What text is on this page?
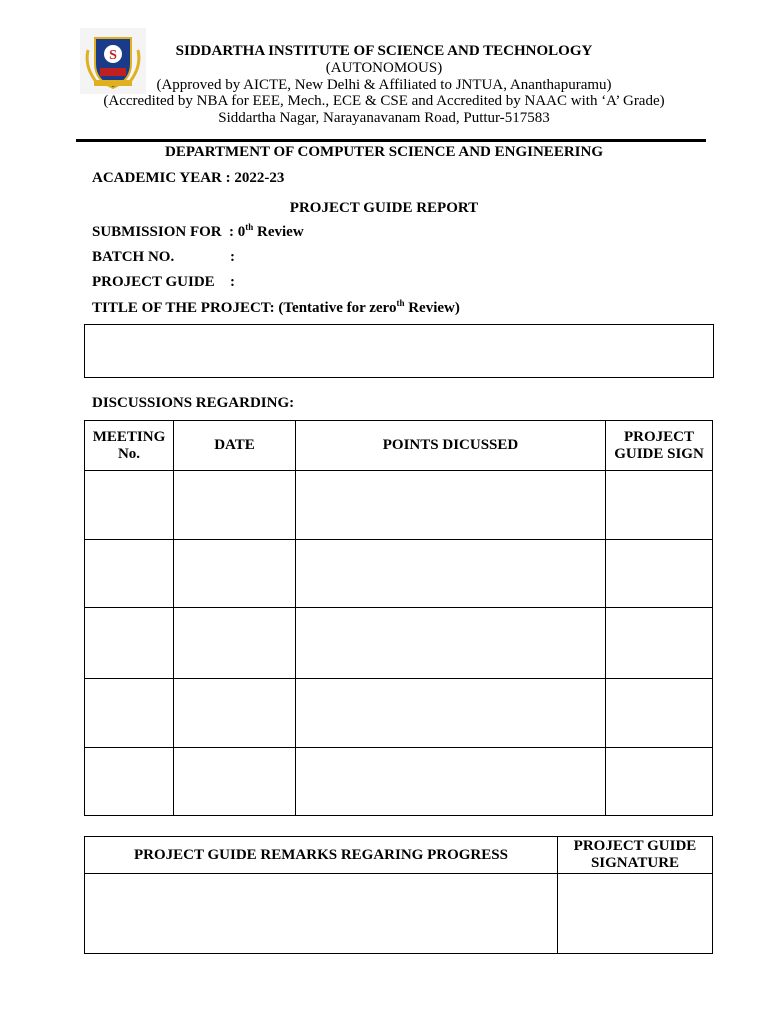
S	SIDDARTHA INSTITUTE OF SCIENCE AND TECHNOLOGY
(AUTONOMOUS)
(Approved by AICTE, New Delhi & Affiliated to JNTUA, Ananthapuramu)
(Accredited by NBA for EEE, Mech., ECE & CSE and Accredited by NAAC with ‘A’ Grade)
Siddartha Nagar, Narayanavanam Road, Puttur-517583
DEPARTMENT OF COMPUTER SCIENCE AND ENGINEERING
ACADEMIC YEAR : 2022-23
PROJECT GUIDE REPORT
SUBMISSION FOR : 0th Review
BATCH NO.	:
PROJECT GUIDE :
TITLE OF THE PROJECT: (Tentative for zero$^{th}$ Review)
DISCUSSIONS REGARDING:
MEETING No.	DATE	POINTS DICUSSED	PROJECT GUIDE SIGN

PROJECT GUIDE REMARKS REGARING PROGRESS	PROJECT GUIDE SIGNATURE
